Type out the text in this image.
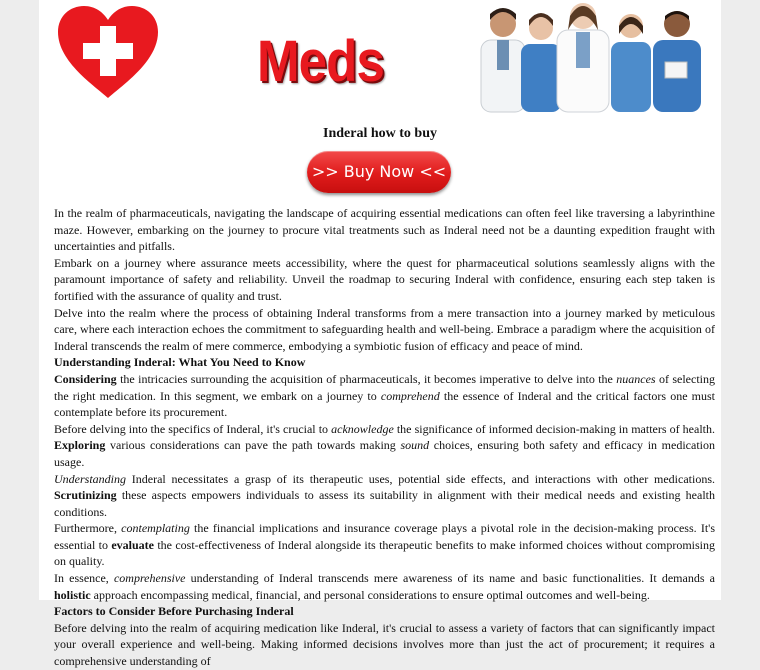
Meds
Inderal how to buy
>> Buy Now <<

In the realm of pharmaceuticals, navigating the landscape of acquiring essential medications can often feel like traversing a labyrinthine maze. However, embarking on the journey to procure vital treatments such as Inderal need not be a daunting expedition fraught with uncertainties and pitfalls.

Embark on a journey where assurance meets accessibility, where the quest for pharmaceutical solutions seamlessly aligns with the paramount importance of safety and reliability. Unveil the roadmap to securing Inderal with confidence, ensuring each step taken is fortified with the assurance of quality and trust.

Delve into the realm where the process of obtaining Inderal transforms from a mere transaction into a journey marked by meticulous care, where each interaction echoes the commitment to safeguarding health and well-being. Embrace a paradigm where the acquisition of Inderal transcends the realm of mere commerce, embodying a symbiotic fusion of efficacy and peace of mind.

Understanding Inderal: What You Need to Know

Considering the intricacies surrounding the acquisition of pharmaceuticals, it becomes imperative to delve into the nuances of selecting the right medication. In this segment, we embark on a journey to comprehend the essence of Inderal and the critical factors one must contemplate before its procurement.

Before delving into the specifics of Inderal, it's crucial to acknowledge the significance of informed decision-making in matters of health. Exploring various considerations can pave the path towards making sound choices, ensuring both safety and efficacy in medication usage.

Understanding Inderal necessitates a grasp of its therapeutic uses, potential side effects, and interactions with other medications. Scrutinizing these aspects empowers individuals to assess its suitability in alignment with their medical needs and existing health conditions.

Furthermore, contemplating the financial implications and insurance coverage plays a pivotal role in the decision-making process. It's essential to evaluate the cost-effectiveness of Inderal alongside its therapeutic benefits to make informed choices without compromising on quality.

In essence, comprehensive understanding of Inderal transcends mere awareness of its name and basic functionalities. It demands a holistic approach encompassing medical, financial, and personal considerations to ensure optimal outcomes and well-being.

Factors to Consider Before Purchasing Inderal

Before delving into the realm of acquiring medication like Inderal, it's crucial to assess a variety of factors that can significantly impact your overall experience and well-being. Making informed decisions involves more than just the act of procurement; it requires a comprehensive understanding of
